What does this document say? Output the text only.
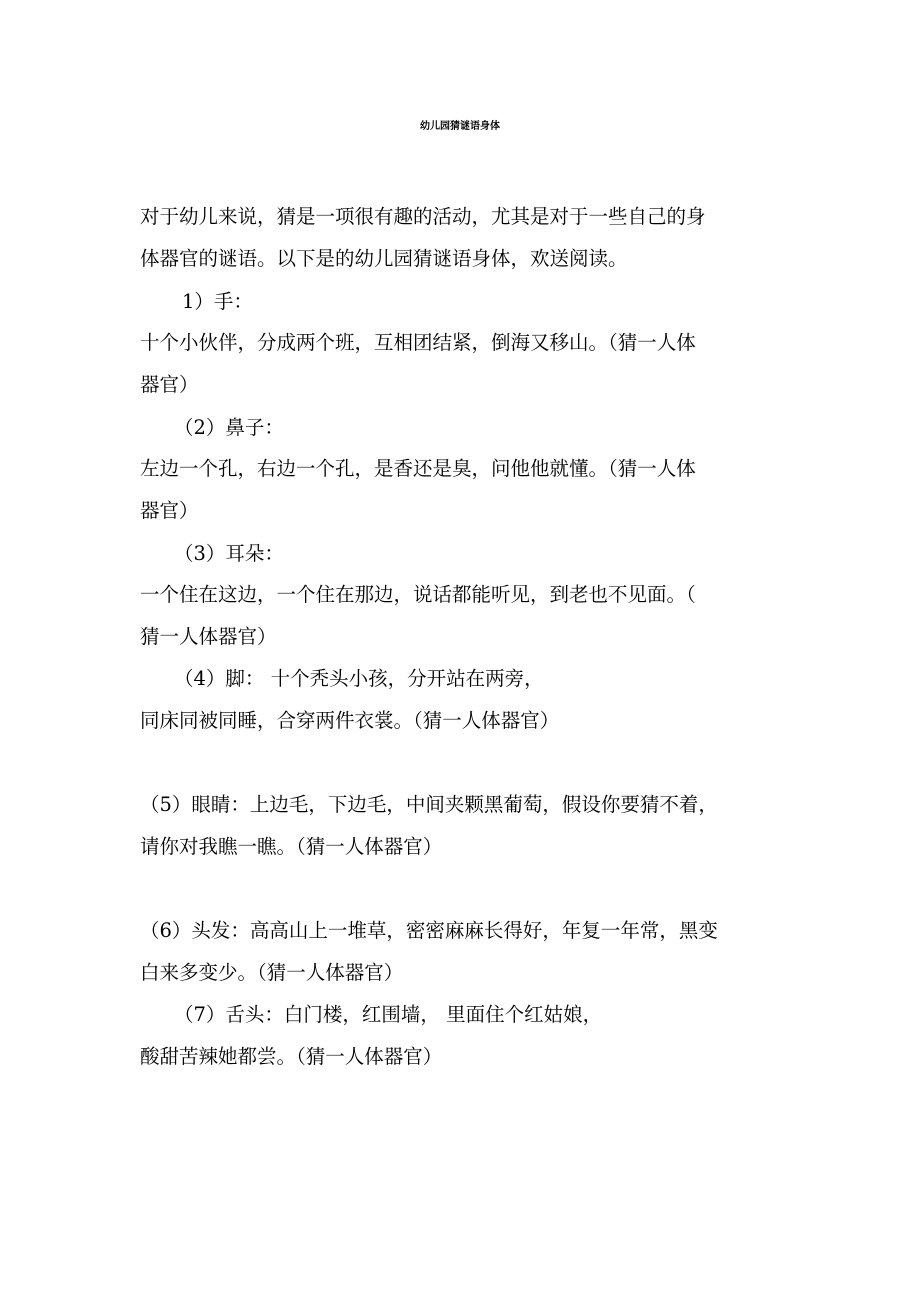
幼儿园猜谜语身体
对于幼儿来说，猜是一项很有趣的活动，尤其是对于一些自己的身
体器官的谜语。以下是的幼儿园猜谜语身体，欢送阅读。
1）手：
十个小伙伴，分成两个班，互相团结紧，倒海又移山。（猜一人体
器官）
（2）鼻子：
左边一个孔，右边一个孔，是香还是臭，问他他就懂。（猜一人体
器官）
（3）耳朵：
一个住在这边，一个住在那边，说话都能听见，到老也不见面。（
猜一人体器官）
（4）脚： 十个秃头小孩，分开站在两旁，
同床同被同睡，合穿两件衣裳。（猜一人体器官）
（5）眼睛：上边毛，下边毛，中间夹颗黑葡萄，假设你要猜不着，
请你对我瞧一瞧。（猜一人体器官）
（6）头发：高高山上一堆草，密密麻麻长得好，年复一年常，黑变
白来多变少。（猜一人体器官）
（7）舌头：白门楼，红围墙， 里面住个红姑娘，
酸甜苦辣她都尝。（猜一人体器官）
